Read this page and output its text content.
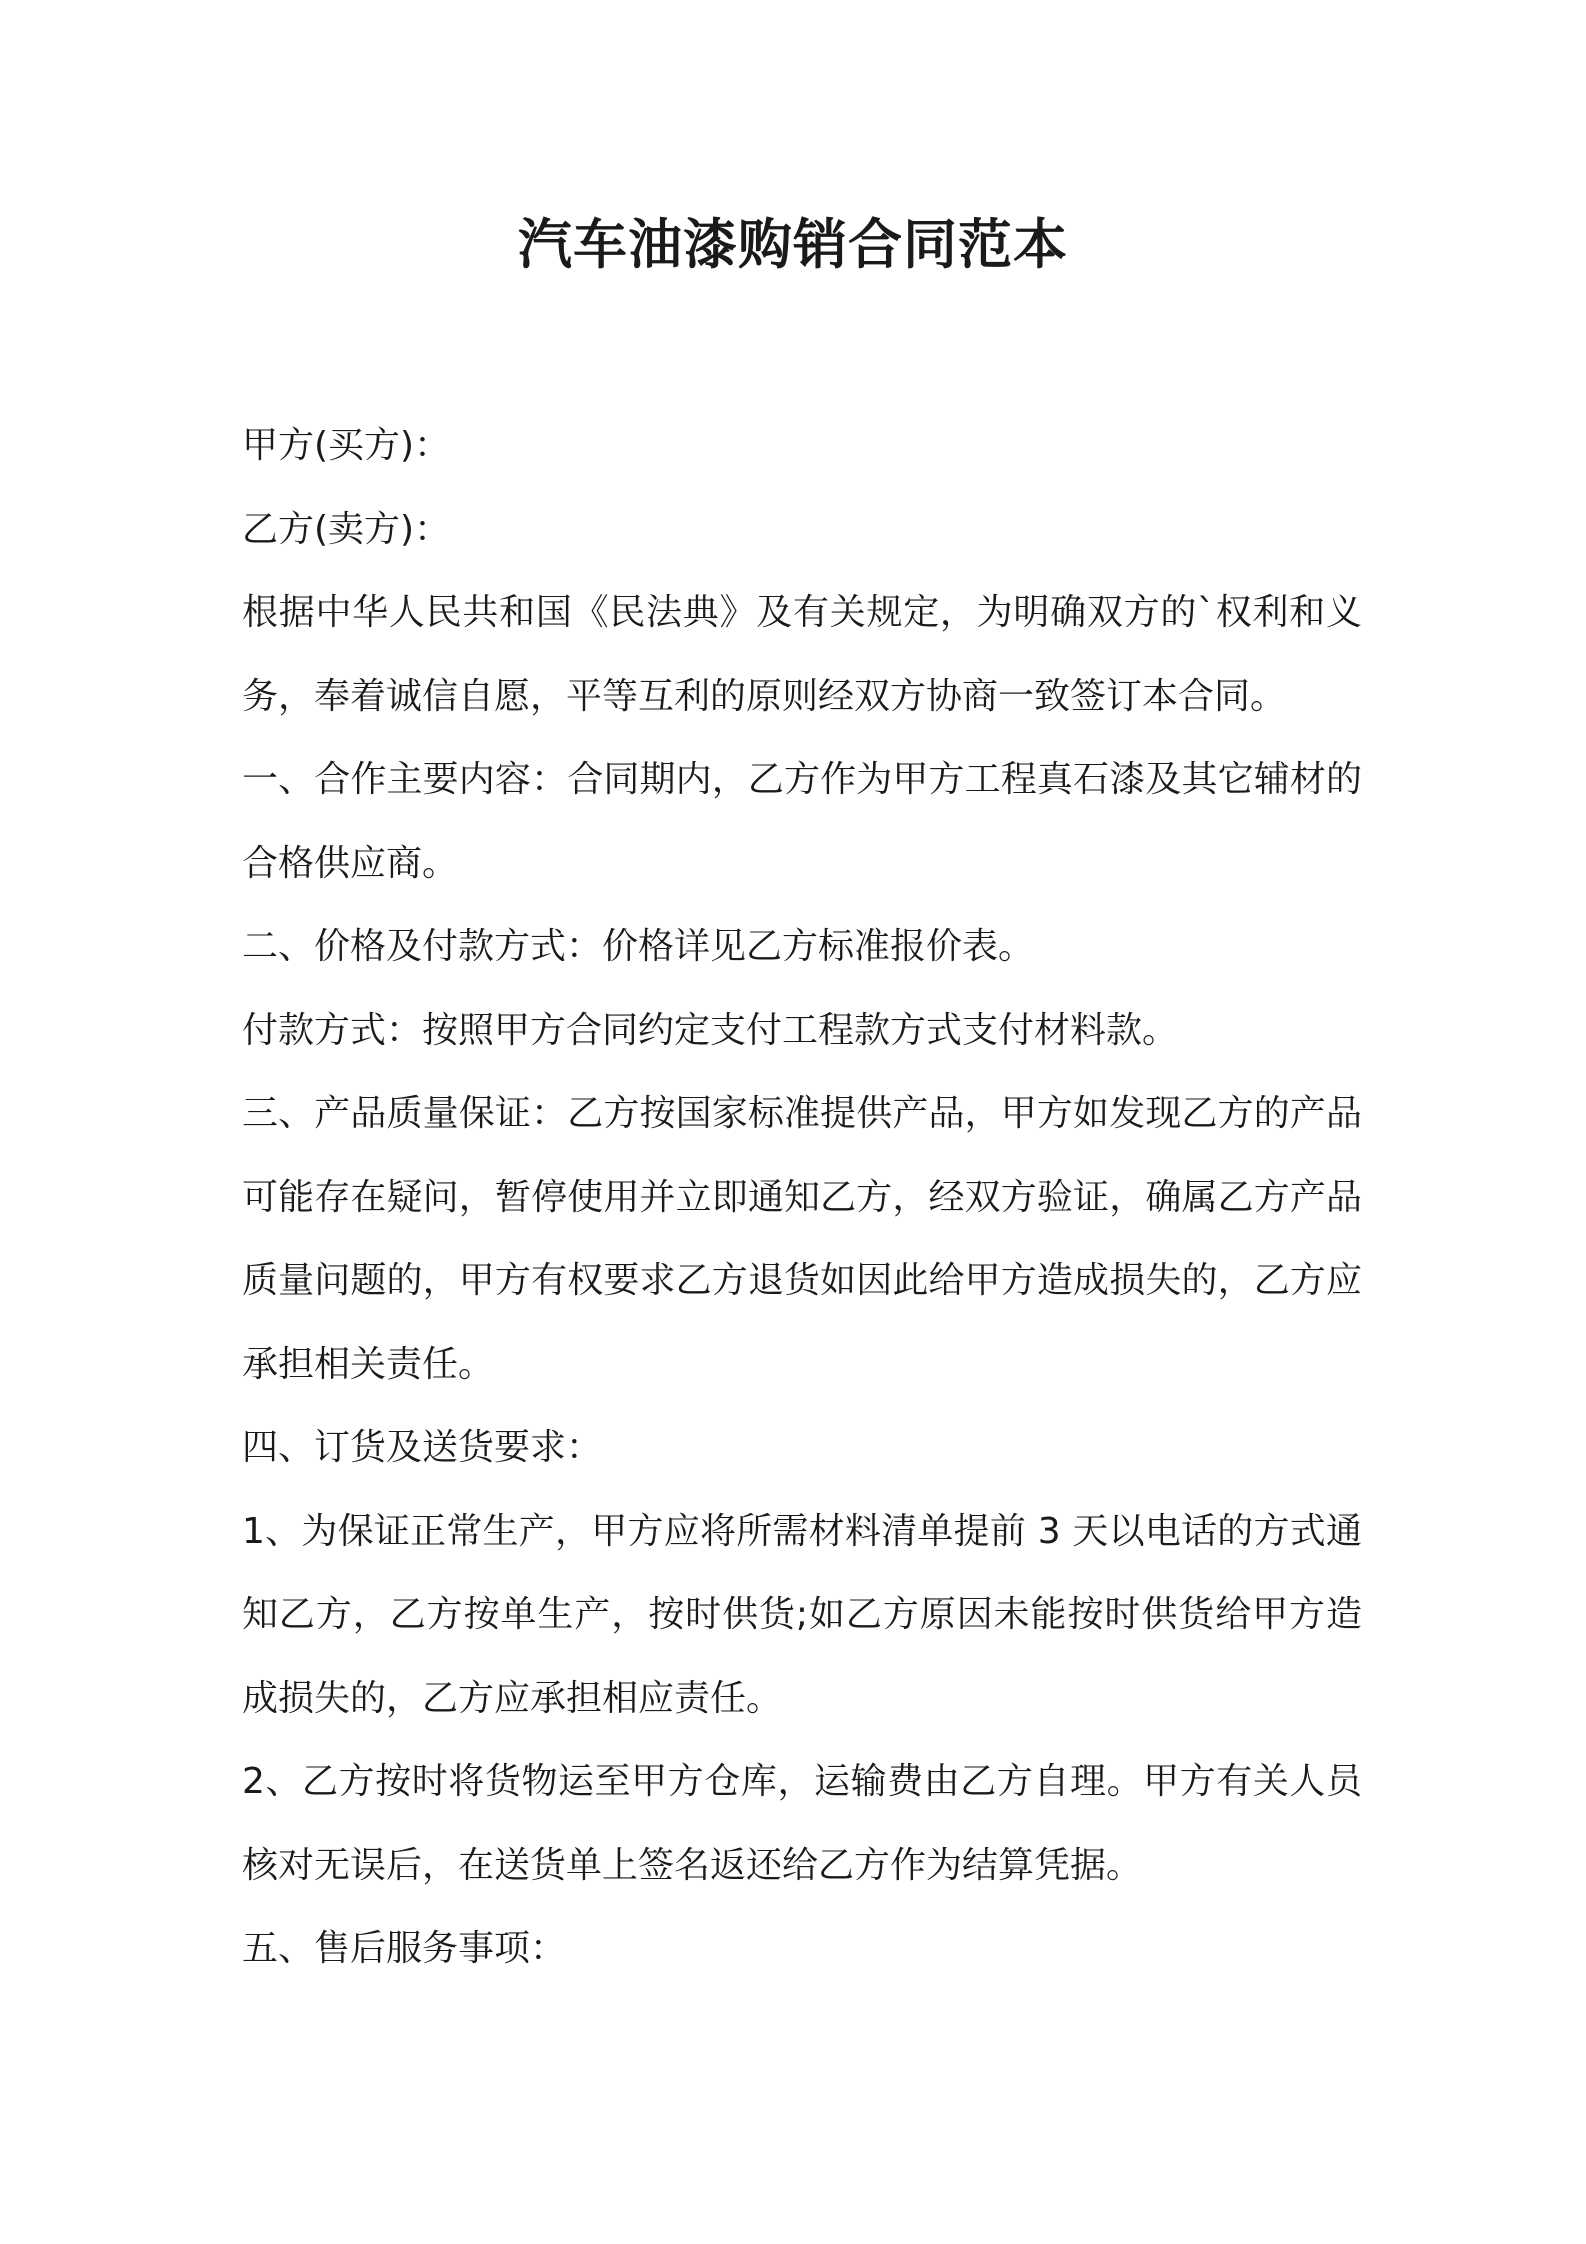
汽车油漆购销合同范本

甲方(买方)：

乙方(卖方)：

根据中华人民共和国《民法典》及有关规定，为明确双方的`权利和义务，奉着诚信自愿，平等互利的原则经双方协商一致签订本合同。

一、合作主要内容：合同期内，乙方作为甲方工程真石漆及其它辅材的合格供应商。

二、价格及付款方式：价格详见乙方标准报价表。

付款方式：按照甲方合同约定支付工程款方式支付材料款。

三、产品质量保证：乙方按国家标准提供产品，甲方如发现乙方的产品可能存在疑问，暂停使用并立即通知乙方，经双方验证，确属乙方产品质量问题的，甲方有权要求乙方退货如因此给甲方造成损失的，乙方应承担相关责任。

四、订货及送货要求：

1、为保证正常生产，甲方应将所需材料清单提前 3 天以电话的方式通知乙方，乙方按单生产，按时供货;如乙方原因未能按时供货给甲方造成损失的，乙方应承担相应责任。

2、乙方按时将货物运至甲方仓库，运输费由乙方自理。甲方有关人员核对无误后，在送货单上签名返还给乙方作为结算凭据。

五、售后服务事项：
